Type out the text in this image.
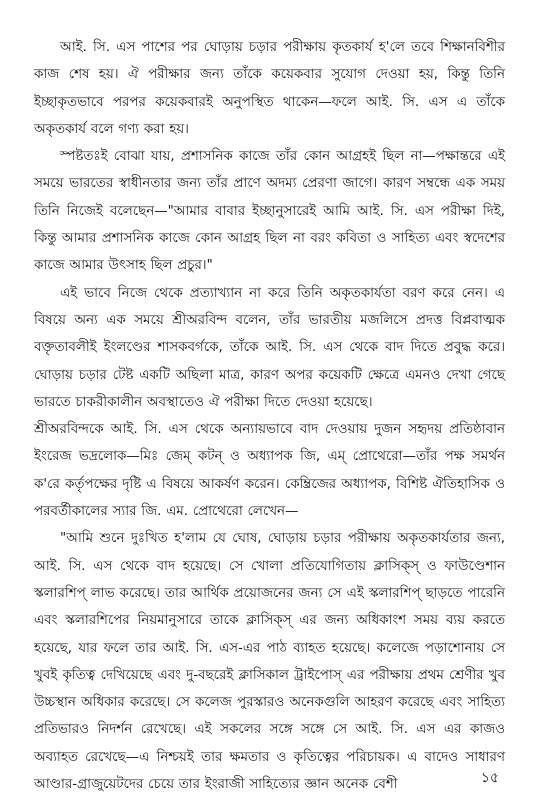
আই. সি. এস পাশের পর ঘোড়ায় চড়ার পরীক্ষায় কৃতকার্য হ'লে তবে শিক্ষানবিশীর কাজ শেষ হয়। ঐ পরীক্ষার জন্য তাঁকে কয়েকবার সুযোগ দেওয়া হয়, কিন্তু তিনি ইচ্ছাকৃতভাবে পরপর কয়েকবারই অনুপস্থিত থাকেন—ফলে আই. সি. এস এ তাঁকে অকৃতকার্য বলে গণ্য করা হয়।

স্পষ্টতঃই বোঝা যায়, প্রশাসনিক কাজে তাঁর কোন আগ্রহই ছিল না—পক্ষান্তরে এই সময়ে ভারতের স্বাধীনতার জন্য তাঁর প্রাণে অদম্য প্রেরণা জাগে। কারণ সম্বন্ধে এক সময় তিনি নিজেই বলেছেন—"আমার বাবার ইচ্ছানুসারেই আমি আই. সি. এস পরীক্ষা দিই, কিন্তু আমার প্রশাসনিক কাজে কোন আগ্রহ ছিল না বরং কবিতা ও সাহিত্য এবং স্বদেশের কাজে আমার উৎসাহ ছিল প্রচুর।"

এই ভাবে নিজে থেকে প্রত্যাখ্যান না করে তিনি অকৃতকার্যতা বরণ করে নেন। এ বিষয়ে অন্য এক সময়ে শ্রীঅরবিন্দ বলেন, তাঁর ভারতীয় মজলিসে প্রদত্ত বিপ্লবাত্মক বক্তৃতাবলীই ইংলণ্ডের শাসকবর্গকে, তাঁকে আই. সি. এস থেকে বাদ দিতে প্রবুদ্ধ করে। ঘোড়ায় চড়ার টেষ্ট একটি অছিলা মাত্র, কারণ অপর কয়েকটি ক্ষেত্রে এমনও দেখা গেছে ভারতে চাকরীকালীন অবস্থাতেও ঐ পরীক্ষা দিতে দেওয়া হয়েছে।

শ্রীঅরবিন্দকে আই. সি. এস থেকে অন্যায়ভাবে বাদ দেওয়ায় দুজন সহৃদয় প্রতিষ্ঠাবান ইংরেজ ভদ্রলোক—মিঃ জেম্ কটন্ ও অধ্যাপক জি, এম্ প্রোথেরো—তাঁর পক্ষ সমর্থন ক'রে কর্তৃপক্ষের দৃষ্টি এ বিষয়ে আকর্ষণ করেন। কেম্ব্রিজের অধ্যাপক, বিশিষ্ট ঐতিহাসিক ও পরবর্তীকালের স্যার জি. এম. প্রোথেরো লেখেন—

"আমি শুনে দুঃখিত হ'লাম যে ঘোষ, ঘোড়ায় চড়ার পরীক্ষায় অকৃতকার্যতার জন্য, আই. সি. এস থেকে বাদ হয়েছে। সে খোলা প্রতিযোগিতায় ক্লাসিক্স্ ও ফাউণ্ডেশান স্কলারশিপ্ লাভ করেছে। তার আর্থিক প্রয়োজনের জন্য সে এই স্কলারশিপ্ ছাড়তে পারেনি এবং স্কলারশিপের নিয়মানুসারে তাকে ক্লাসিক্স্ এর জন্য অধিকাংশ সময় ব্যয় করতে হয়েছে, যার ফলে তার আই. সি. এস-এর পাঠ ব্যাহত হয়েছে। কলেজে পড়াশোনায় সে খুবই কৃতিত্ব দেখিয়েছে এবং দু-বছরেই ক্লাসিকাল ট্রাইপোস্ এর পরীক্ষায় প্রথম শ্রেণীর খুব উচ্চস্থান অধিকার করেছে। সে কলেজ পুরস্কারও অনেকগুলি আহরণ করেছে এবং সাহিত্য প্রতিভারও নিদর্শন রেখেছে। এই সকলের সঙ্গে সঙ্গে সে আই. সি. এস এর কাজও অব্যাহত রেখেছে—এ নিশ্চয়ই তার ক্ষমতার ও কৃতিত্বের পরিচায়ক। এ বাদেও সাধারণ আণ্ডার-গ্রাজুয়েটদের চেয়ে তার ইংরাজী সাহিত্যের জ্ঞান অনেক বেশী	১৫
